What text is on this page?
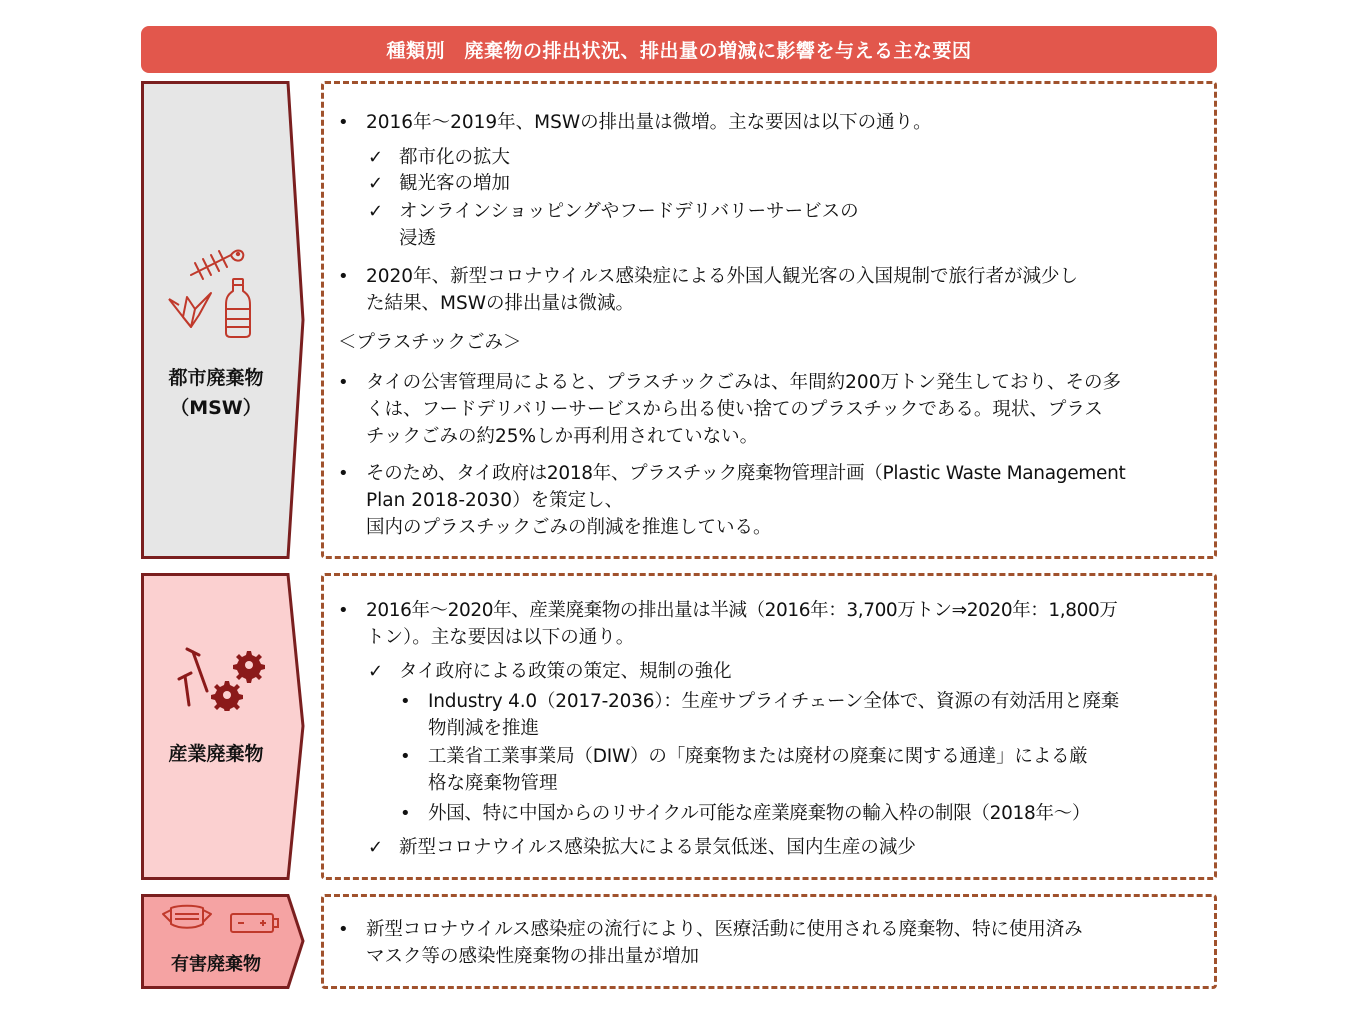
種類別　廃棄物の排出状況、排出量の増減に影響を与える主な要因
都市廃棄物
（MSW）
• 2016年～2019年、MSWの排出量は微増。主な要因は以下の通り。
✓ 都市化の拡大
✓ 観光客の増加
✓ オンラインショッピングやフードデリバリーサービスの
浸透
• 2020年、新型コロナウイルス感染症による外国人観光客の入国規制で旅行者が減少し
た結果、MSWの排出量は微減。
＜プラスチックごみ＞
• タイの公害管理局によると、プラスチックごみは、年間約200万トン発生しており、その多
くは、フードデリバリーサービスから出る使い捨てのプラスチックである。現状、プラス
チックごみの約25%しか再利用されていない。
• そのため、タイ政府は2018年、プラスチック廃棄物管理計画（Plastic Waste Management
Plan 2018-2030）を策定し、
国内のプラスチックごみの削減を推進している。
産業廃棄物
• 2016年～2020年、産業廃棄物の排出量は半減（2016年：3,700万トン⇒2020年：1,800万
トン）。主な要因は以下の通り。
✓ タイ政府による政策の策定、規制の強化
• Industry 4.0（2017-2036）：生産サプライチェーン全体で、資源の有効活用と廃棄
物削減を推進
• 工業省工業事業局（DIW）の「廃棄物または廃材の廃棄に関する通達」による厳
格な廃棄物管理
• 外国、特に中国からのリサイクル可能な産業廃棄物の輸入枠の制限（2018年～）
✓ 新型コロナウイルス感染拡大による景気低迷、国内生産の減少
有害廃棄物
• 新型コロナウイルス感染症の流行により、医療活動に使用される廃棄物、特に使用済み
マスク等の感染性廃棄物の排出量が増加
